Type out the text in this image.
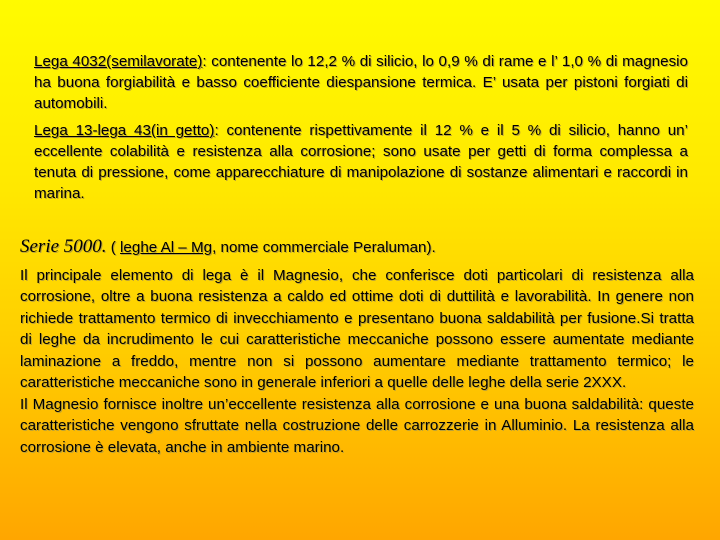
Lega 4032(semilavorate): contenente lo 12,2 % di silicio, lo 0,9 % di rame e l’ 1,0 % di magnesio ha buona forgiabilità e basso coefficiente diespansione termica. E’ usata per pistoni forgiati di automobili.

Lega 13-lega 43(in getto): contenente rispettivamente il 12 % e il 5 % di silicio, hanno un’ eccellente colabilità e resistenza alla corrosione; sono usate per getti di forma complessa a tenuta di pressione, come apparecchiature di manipolazione di sostanze alimentari e raccordi in marina.

Serie 5000. ( leghe Al – Mg, nome commerciale Peraluman).

Il principale elemento di lega è il Magnesio, che conferisce doti particolari di resistenza alla corrosione, oltre a buona resistenza a caldo ed ottime doti di duttilità e lavorabilità. In genere non richiede trattamento termico di invecchiamento e presentano buona saldabilità per fusione.Si tratta di leghe da incrudimento le cui caratteristiche meccaniche possono essere aumentate mediante laminazione a freddo, mentre non si possono aumentare mediante trattamento termico; le caratteristiche meccaniche sono in generale inferiori a quelle delle leghe della serie 2XXX.

Il Magnesio fornisce inoltre un’eccellente resistenza alla corrosione e una buona saldabilità: queste caratteristiche vengono sfruttate nella costruzione delle carrozzerie in Alluminio. La resistenza alla corrosione è elevata, anche in ambiente marino.
